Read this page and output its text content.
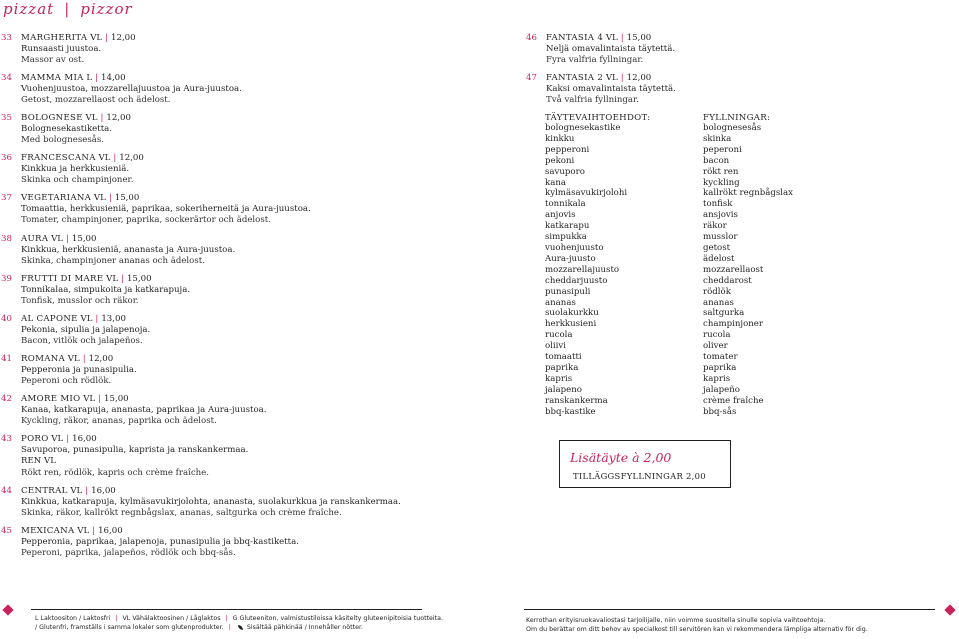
pizzat | pizzor
33 MARGHERITA VL | 12,00
Runsaasti juustoa.
Massor av ost.
34 MAMMA MIA L | 14,00
Vuohenjuustoa, mozzarellajuustoa ja Aura-juustoa.
Getost, mozzarellaost och ädelost.
35 BOLOGNESE VL | 12,00
Bolognesekastiketta.
Med bolognesesås.
36 FRANCESCANA VL | 12,00
Kinkkua ja herkkusieniä.
Skinka och champinjoner.
37 VEGETARIANA VL | 15,00
Tomaattia, herkkusieniä, paprikaa, sokeriherneitä ja Aura-juustoa.
Tomater, champinjoner, paprika, sockerärtor och ädelost.
38 AURA VL | 15,00
Kinkkua, herkkusieniä, ananasta ja Aura-juustoa.
Skinka, champinjoner ananas och ädelost.
39 FRUTTI DI MARE VL | 15,00
Tonnikalaa, simpukoita ja katkarapuja.
Tonfisk, musslor och räkor.
40 AL CAPONE VL | 13,00
Pekonia, sipulia ja jalapenoja.
Bacon, vitlök och jalapeños.
41 ROMANA VL | 12,00
Pepperonia ja punasipulia.
Peperoni och rödlök.
42 AMORE MIO VL | 15,00
Kanaa, katkarapuja, ananasta, paprikaa ja Aura-juustoa.
Kyckling, räkor, ananas, paprika och ädelost.
43 PORO VL | 16,00
Savuporoa, punasipulia, kaprista ja ranskankermaa.
REN VL
Rökt ren, rödlök, kapris och crème fraîche.
44 CENTRAL VL | 16,00
Kinkkua, katkarapuja, kylmäsavukirjolohta, ananasta, suolakurkkua ja ranskankermaa.
Skinka, räkor, kallrökt regnbågslax, ananas, saltgurka och crème fraîche.
45 MEXICANA VL | 16,00
Pepperonia, paprikaa, jalapenoja, punasipulia ja bbq-kastiketta.
Peperoni, paprika, jalapeños, rödlök och bbq-sås.
46 FANTASIA 4 VL | 15,00
Neljä omavalintaista täytettä.
Fyra valfria fyllningar.
47 FANTASIA 2 VL | 12,00
Kaksi omavalintaista täytettä.
Två valfria fyllningar.
TÄYTEVAIHTOEHDOT:
bolognesekastike
kinkku
pepperoni
pekoni
savuporo
kana
kylmäsavukirjolohi
tonnikala
anjovis
katkarapu
simpukka
vuohenjuusto
Aura-juusto
mozzarellajuusto
cheddarjuusto
punasipuli
ananas
suolakurkku
herkkusieni
rucola
oliivi
tomaatti
paprika
kapris
jalapeno
ranskankerma
bbq-kastike
FYLLNINGAR:
bolognesesås
skinka
peperoni
bacon
rökt ren
kyckling
kallrökt regnbågslax
tonfisk
ansjovis
räkor
musslor
getost
ädelost
mozzarellaost
cheddarost
rödlök
ananas
saltgurka
champinjoner
rucola
oliver
tomater
paprika
kapris
jalapeño
crème fraîche
bbq-sås
Lisätäyte à 2,00
TILLÄGGSFYLLNINGAR 2,00
L Laktoositon / Laktosfri | VL Vähälaktoosinen / Låglaktos | G Gluteeniton, valmistustiloissa käsitelty gluteenipitoisia tuotteita.
/ Glutenfri, framställs i samma lokaler som glutenprodukter. |	Sisältää pähkinää / Innehåller nötter.
Kerrothan erityisruokavaliostasi tarjoilijalle, niin voimme suositella sinulle sopivia vaihtoehtoja.
Om du berättar om ditt behov av specialkost till servitören kan vi rekommendera lämpliga alternativ för dig.
